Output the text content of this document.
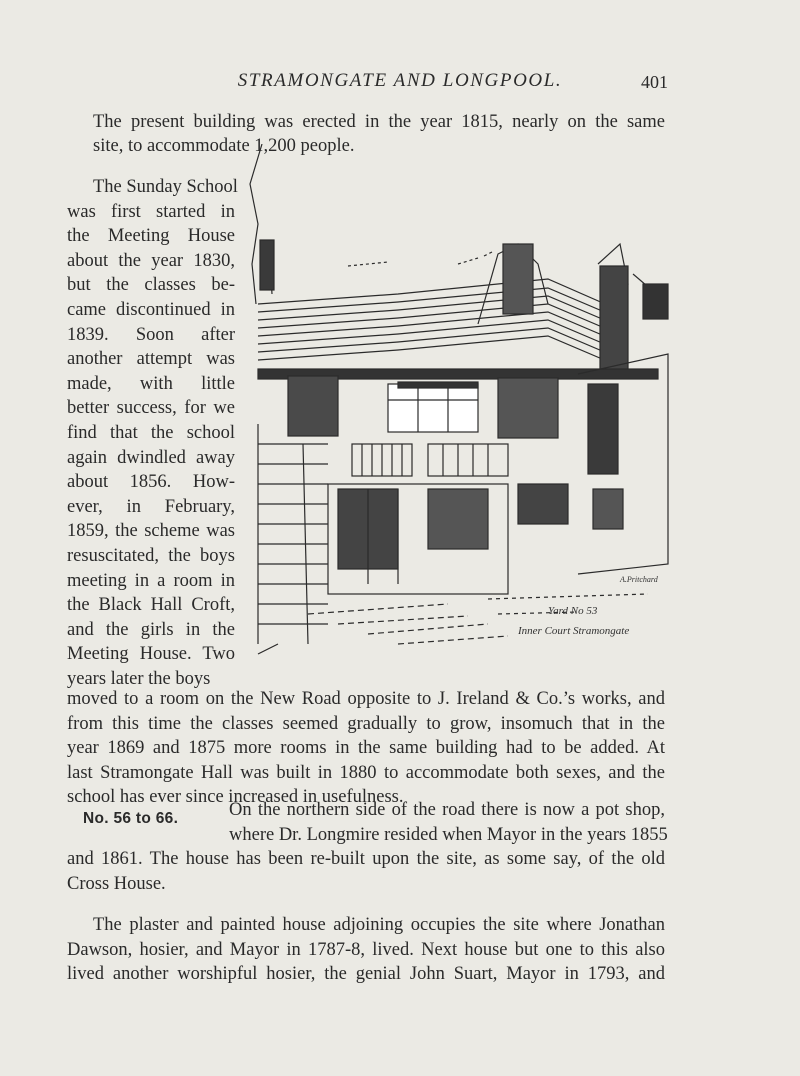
STRAMONGATE AND LONGPOOL.	401
The present building was erected in the year 1815, nearly on the same
site, to accommodate 1,200 people.
The Sunday School
was first started in
the Meeting House
about the year 1830,
but the classes be-
came discontinued in
1839. Soon after
another attempt was
made, with little
better success, for we
find that the school
again dwindled away
about 1856. How-
ever, in February,
1859, the scheme was
resuscitated, the boys
meeting in a room in
the Black Hall Croft,
and the girls in the
Meeting House. Two
years later the boys
Yard No 53
Inner Court Stramongate
A.Pritchard
moved to a room on the New Road opposite to J. Ireland & Co.’s works, and
from this time the classes seemed gradually to grow, insomuch that in the
year 1869 and 1875 more rooms in the same building had to be added. At
last Stramongate Hall was built in 1880 to accommodate both sexes, and the
school has ever since increased in usefulness.
No. 56 to 66.	On the northern side of the road there is now a pot shop,
where Dr. Longmire resided when Mayor in the years 1855
and 1861. The house has been re-built upon the site, as some say, of the old
Cross House.
The plaster and painted house adjoining occupies the site where Jonathan
Dawson, hosier, and Mayor in 1787-8, lived. Next house but one to this also
lived another worshipful hosier, the genial John Suart, Mayor in 1793, and
